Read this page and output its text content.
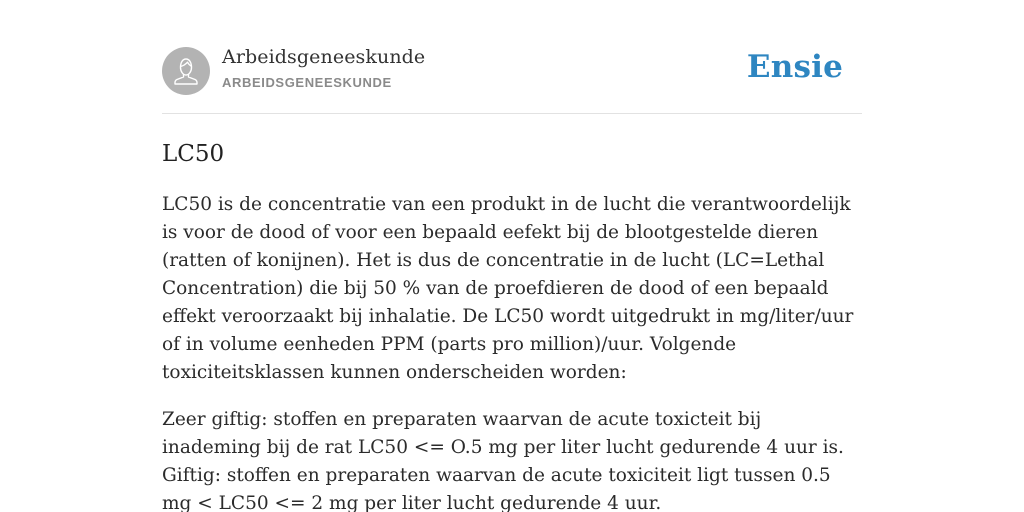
Arbeidsgeneeskunde
ARBEIDSGENEESKUNDE	Ensie
LC50

LC50 is de concentratie van een produkt in de lucht die verantwoordelijk is voor de dood of voor een bepaald eefekt bij de blootgestelde dieren (ratten of konijnen). Het is dus de concentratie in de lucht (LC=Lethal Concentration) die bij 50 % van de proefdieren de dood of een bepaald effekt veroorzaakt bij inhalatie. De LC50 wordt uitgedrukt in mg/liter/uur of in volume eenheden PPM (parts pro million)/uur. Volgende toxiciteitsklassen kunnen onderscheiden worden:

Zeer giftig: stoffen en preparaten waarvan de acute toxicteit bij inademing bij de rat LC50 <= O.5 mg per liter lucht gedurende 4 uur is. Giftig: stoffen en preparaten waarvan de acute toxiciteit ligt tussen 0.5 mg < LC50 <= 2 mg per liter lucht gedurende 4 uur.
